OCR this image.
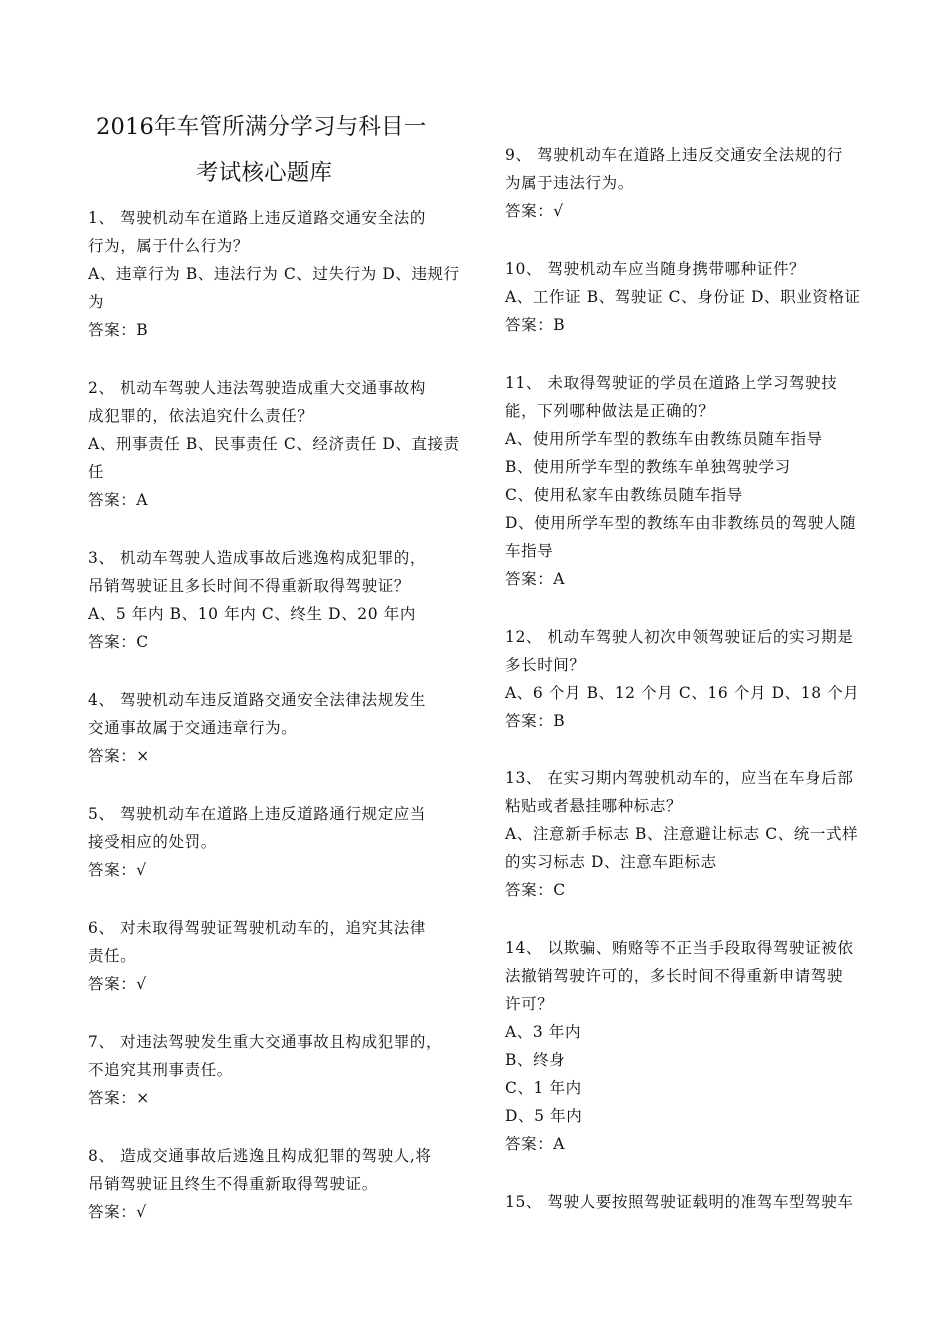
2016年车管所满分学习与科目一
考试核心题库
1、 驾驶机动车在道路上违反道路交通安全法的
行为，属于什么行为？
A、违章行为 B、违法行为 C、过失行为 D、违规行
为
答案：B
2、 机动车驾驶人违法驾驶造成重大交通事故构
成犯罪的，依法追究什么责任？
A、刑事责任 B、民事责任 C、经济责任 D、直接责
任
答案：A
3、 机动车驾驶人造成事故后逃逸构成犯罪的，
吊销驾驶证且多长时间不得重新取得驾驶证？
A、5 年内 B、10 年内 C、终生 D、20 年内
答案：C
4、 驾驶机动车违反道路交通安全法律法规发生
交通事故属于交通违章行为。
答案：×
5、 驾驶机动车在道路上违反道路通行规定应当
接受相应的处罚。
答案：√
6、 对未取得驾驶证驾驶机动车的，追究其法律
责任。
答案：√
7、 对违法驾驶发生重大交通事故且构成犯罪的，
不追究其刑事责任。
答案：×
8、 造成交通事故后逃逸且构成犯罪的驾驶人,将
吊销驾驶证且终生不得重新取得驾驶证。
答案：√
9、 驾驶机动车在道路上违反交通安全法规的行
为属于违法行为。
答案：√
10、 驾驶机动车应当随身携带哪种证件？
A、工作证 B、驾驶证 C、身份证 D、职业资格证
答案：B
11、 未取得驾驶证的学员在道路上学习驾驶技
能，下列哪种做法是正确的？
A、使用所学车型的教练车由教练员随车指导
B、使用所学车型的教练车单独驾驶学习
C、使用私家车由教练员随车指导
D、使用所学车型的教练车由非教练员的驾驶人随
车指导
答案：A
12、 机动车驾驶人初次申领驾驶证后的实习期是
多长时间？
A、6 个月 B、12 个月 C、16 个月 D、18 个月
答案：B
13、 在实习期内驾驶机动车的，应当在车身后部
粘贴或者悬挂哪种标志？
A、注意新手标志 B、注意避让标志 C、统一式样
的实习标志 D、注意车距标志
答案：C
14、 以欺骗、贿赂等不正当手段取得驾驶证被依
法撤销驾驶许可的，多长时间不得重新申请驾驶
许可？
A、3 年内
B、终身
C、1 年内
D、5 年内
答案：A
15、 驾驶人要按照驾驶证载明的准驾车型驾驶车
